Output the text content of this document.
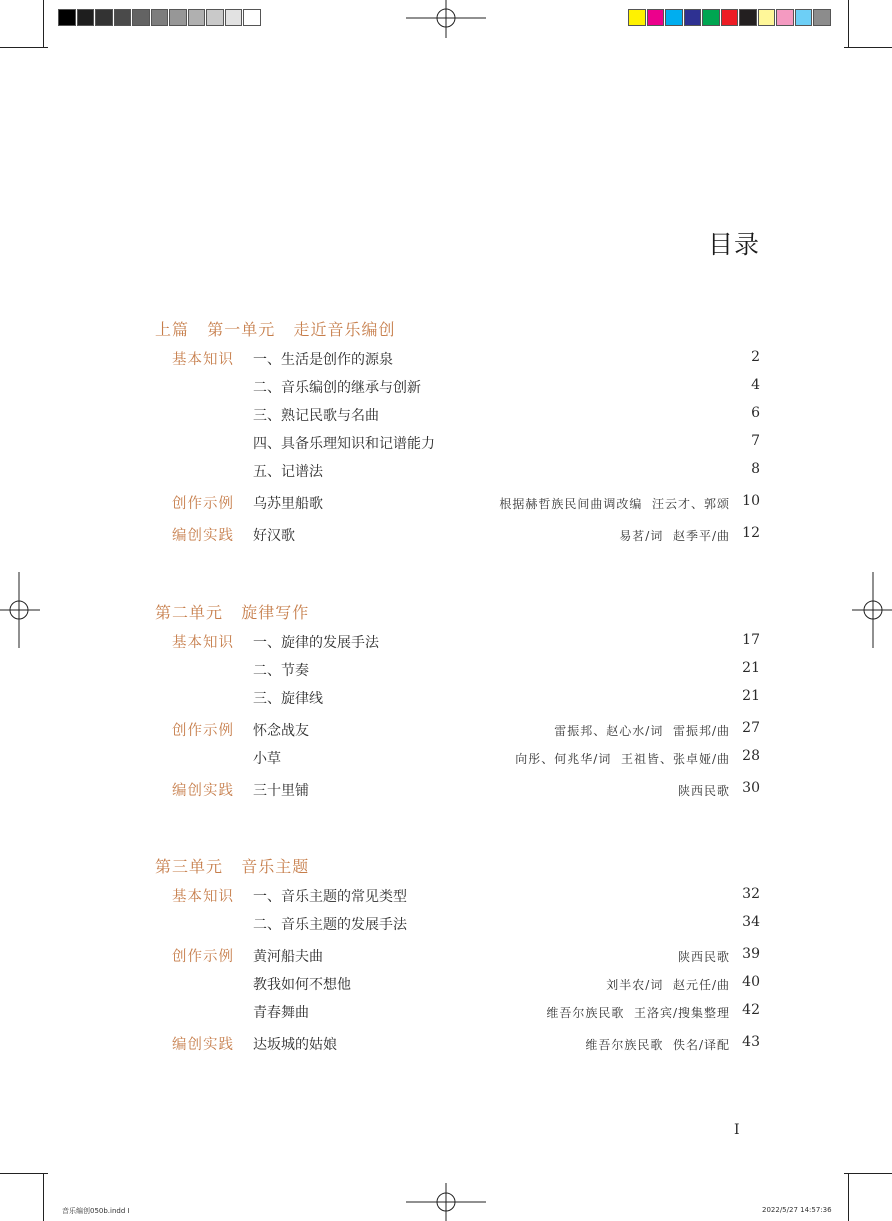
目录
上篇   第一单元   走近音乐编创
基本知识 一、生活是创作的源泉	2
二、音乐编创的继承与创新	4
三、熟记民歌与名曲	6
四、具备乐理知识和记谱能力	7
五、记谱法	8
创作示例 乌苏里船歌	根据赫哲族民间曲调改编  汪云才、郭颂 10
编创实践 好汉歌	易茗/词  赵季平/曲 12
第二单元   旋律写作
基本知识 一、旋律的发展手法	17
二、节奏	21
三、旋律线	21
创作示例 怀念战友	雷振邦、赵心水/词  雷振邦/曲 27
小草	向彤、何兆华/词  王祖皆、张卓娅/曲 28
编创实践 三十里铺	陕西民歌 30
第三单元   音乐主题
基本知识 一、音乐主题的常见类型	32
二、音乐主题的发展手法	34
创作示例 黄河船夫曲	陕西民歌 39
教我如何不想他	刘半农/词  赵元任/曲 40
青春舞曲	维吾尔族民歌  王洛宾/搜集整理 42
编创实践 达坂城的姑娘	维吾尔族民歌  佚名/译配 43
I
音乐编创050b.indd I	2022/5/27 14:57:36
